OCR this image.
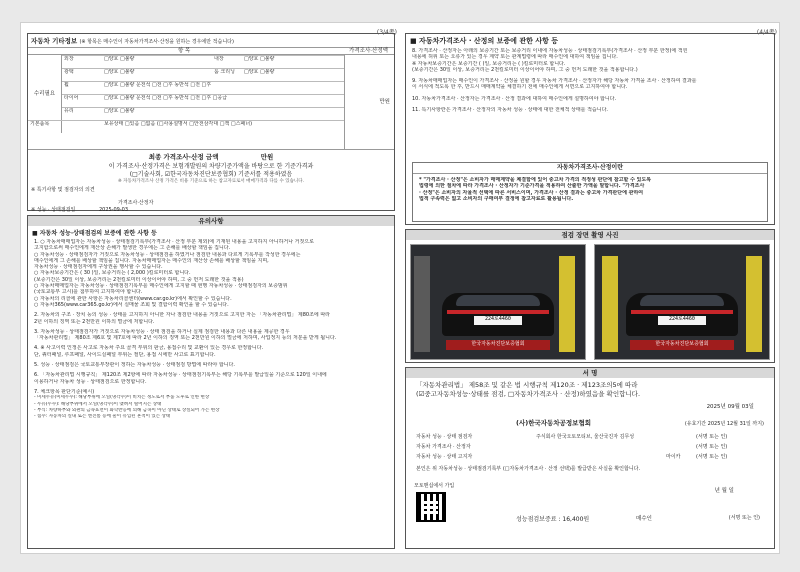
(3/4쪽)
자동차 기타정보 (※ 항목은 매수인이 자동차가격조사·산정을 원하는 경우에만 적습니다)
항 목	가격조사·산정액
수리필요
외장	□양호 □불량	내장	□양호 □불량
광택	□양호 □불량	룸 크리닝 □양호 □불량
휠	□양호 □불량 운전석 □전 □후 동반석 □전 □후
타이어	□양호 □불량 운전석 □전 □후 동반석 □전 □후 □응급
유리	□양호 □불량
기본품목	보유상태 □있음 □없음 (□사용설명서 □안전삼각대 □잭 □스패너)
만원
최종 가격조사·산정 금액	만원
이 가격조사·산정가격은 보험개발원의 차량기준가액을 바탕으로 한 기준가격과
(□기술사회, ☑한국자동차진단보증협회) 기준서를 적용하였음
※ 자동차가격조사 산정 가격은 비용 기준으로 하는 참고자료로서 매매가격과 다를 수 있습니다.
※ 특기사항 및 점검자의 의견
가격조사·산정자
※ 성능 · 상태점검일	2025-09-03
유의사항
■ 자동차 성능·상태점검의 보증에 관한 사항 등

1. ○ 자동차매매업자는 자동차성능 · 상태점검기록부(가격조사 · 산정 부분 제외)에 기재된 내용을 고지하지 아니하거나 거짓으로

고지함으로써 매수인에게 재산상 손해가 발생한 경우에는 그 손해를 배상할 책임을 집니다.

○ 자동차성능 · 상태점검자가 거짓으로 자동차성능 · 상태점검을 하였거나 점검한 내용과 다르게 기록부를 작성한 경우에는

매수인에게 그 손해를 배상할 책임을 집니다. 자동차매매업자는 매수인의 재산상 손해를 배상할 책임을 지며,

자동차성능 · 상태점검자에게 구상권을 행사할 수 있습니다.

○ 자동차보증기간은 ( 30 )일, 보증거리는 ( 2,000 )킬로미터로 합니다.

(보증기간은 30일 이상, 보증거리는 2천킬로미터 이상이어야 하며, 그 중 먼저 도래한 것을 적용)

○ 자동차매매업자는 자동차성능 · 상태점검기록부를 매수인에게 고지할 때 현행 자동차성능 · 상태점검자의 보증범위

(국토교통부 고시)를 첨부하여 고지하여야 합니다.

○ 자동차의 리콜에 관한 사항은 자동차리콜센터(www.car.go.kr)에서 확인할 수 있습니다.

○ 자동차365(www.car365.go.kr)에서 실매물 조회 및 결함이력 확인을 할 수 있습니다.

2. 자동차의 구조 · 장치 등의 성능 · 상태를 고지하지 아니한 자나 점검한 내용을 거짓으로 고지한 자는 「자동차관리법」 제80조에 따라

2년 이하의 징역 또는 2천만원 이하의 벌금에 처합니다.

3. 자동차성능 · 상태점검자가 거짓으로 자동차성능 · 상태 점검을 하거나 실제 점검한 내용과 다른 내용을 제공한 경우

「자동차관리법」 제80조 제6호 및 제7호에 따라 2년 이하의 징역 또는 2천만원 이하의 벌금에 처하며, 사업정지 등의 처분을 받게 됩니다.

4. ※ 사고이력 인정은 사고로 자동차 주요 골격 부위의 판금, 용접수리 및 교환이 있는 경우로 한정합니다.

단, 쿼터패널, 루프패널, 사이드실패널 부위는 절단, 용접 시에만 사고로 표기합니다.

5. 성능 · 상태점검은 국토교통부장관이 정하는 자동차성능 · 상태점검 방법에 따라야 합니다.

6. 「자동차관리법 시행규칙」 제120조 제2항에 따라 자동차성능 · 상태점검기록부는 해당 기록부를 발급일을 기준으로 120일 이내에

이용하거나 자동차 성능 · 상태점검으로 한정합니다.

7. 체크항목 판단기준(예시)

- 미세누유(미세누수): 해당부위에 오일(냉각수)이 비치는 정도로서 부품 노후로 인한 현상

- 누유(누수): 해당부위에서 오일(냉각수)이 맺혀서 떨어지는 상태

- 부식: 차량하부와 외판의 금속표면이 화학반응에 의해 금속이 아닌 상태로 상실되어 가는 현상

- 침수: 자동차의 실내 또는 엔진룸 등에 물이 유입된 흔적이 있는 상태

(4/4쪽)
■ 자동차가격조사 · 산정의 보증에 관한 사항 등

8. 가격조사 · 산정자는 아래의 보증기간 또는 보증거리 이내에 자동차성능 · 상태점검기록부(가격조사 · 산정 부분 한정)에 적힌

내용에 허위 또는 오류가 있는 경우 계약 또는 관계법령에 따라 매수인에 대하여 책임을 집니다.

※ 자동차보증기간은 보증기간 ( )일, 보증거리는 ( )킬로미터로 합니다.

(보증기간은 30일 이상, 보증거리는 2천킬로미터 이상이어야 하며, 그 중 먼저 도래한 것을 적용합니다.)

9. 자동차매매업자는 매수인이 가격조사 · 산정을 원할 경우 자동차 가격조사 · 산정자가 해당 자동차 가격을 조사 · 산정하여 결과를

이 서식에 적도록 한 후, 반드시 매매계약을 체결하기 전에 매수인에게 서면으로 고지하여야 합니다.

10. 자동차가격조사 · 산정자는 가격조사 · 산정 결과에 대하여 매수인에게 설명하여야 합니다.

11. 특기사항란은 가격조사 · 산정자의 자동차 성능 · 상태에 대한 전체적 상태를 적습니다.

자동차가격조사·산정이란

* "가격조사 · 산정"은 소비자가 매매계약을 체결함에 있어 중고차 가격의 적정성 판단에 참고할 수 있도록

법령에 의한 절차에 따라 가격조사 · 산정자가 기준가격을 적용하여 산출한 가액을 말합니다. "가격조사

· 산정"은 소비자의 자율적 선택에 따른 서비스이며, 가격조사 · 산정 결과는 중고차 가격판단에 관하여

법적 구속력은 없고 소비자의 구매여부 결정에 참고자료로 활용됩니다.

점검 장면 촬영 사진
224로4460
한국자동차진단보증협회
224로4460
한국자동차진단보증협회
서 명
「자동차관리법」 제58조 및 같은 법 시행규칙 제120조 · 제123조의5에 따라
(☑중고자동차성능·상태를 점검, □자동차가격조사 · 산정)하였음을 확인합니다.
2025년 09월 03일
(사)한국자동차공정보협회	(유효기간 2025년 12월 31일 까지)
자동차 성능 · 상태 점검자	주식회사 한국오토모티브, 울산국진자 김무성	(서명 또는 인)
자동차 가격조사 · 산정자	(서명 또는 인)
자동차 성능 · 상태 고지자	마이카	(서명 또는 인)
본인은 위 자동차성능 · 상태점검기록부 (□자동차가격조사 · 산정 선택)를 발급받은 사실을 확인합니다.
모토맨십에서 가입
년 월 일
성능점검보증료 : 16,400원	매수인	(서명 또는 인)
